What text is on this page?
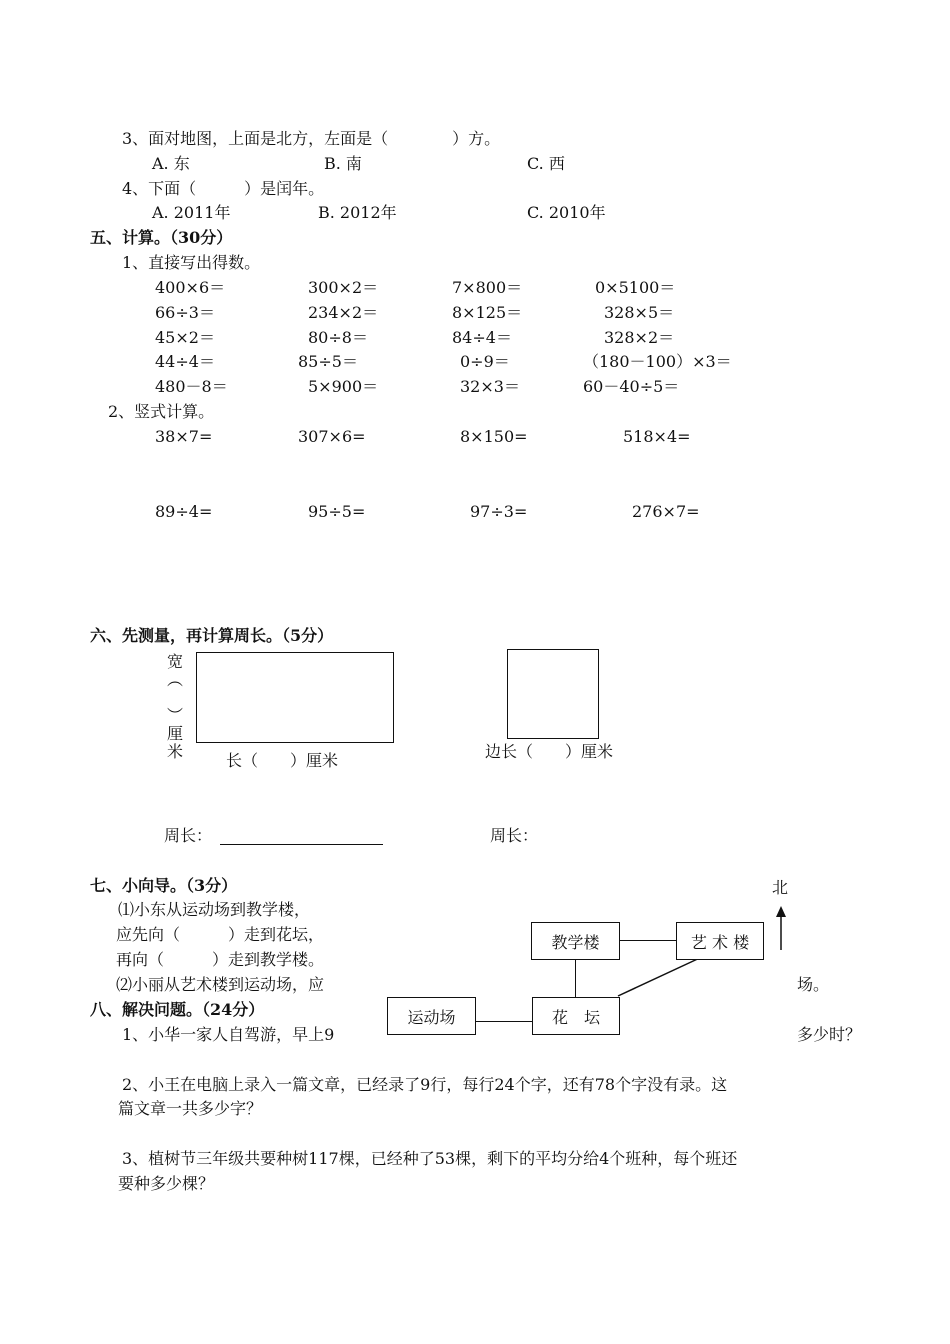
3、面对地图，上面是北方，左面是（　　　　）方。
A. 东	B. 南	C. 西
4、下面（　　　）是闰年。
A. 2011年	B. 2012年	C. 2010年
五、计算。（30分）
1、直接写出得数。
400×6＝	300×2＝	7×800＝	0×5100＝
66÷3＝	234×2＝	8×125＝	328×5＝
45×2＝	80÷8＝	84÷4＝	328×2＝
44÷4＝	85÷5＝	0÷9＝	（180－100）×3＝
480－8＝	5×900＝	32×3＝	60－40÷5＝
2、竖式计算。
38×7=	307×6=	8×150=	518×4=
89÷4=	95÷5=	97÷3=	276×7=
六、先测量，再计算周长。（5分）
宽
︵
︶
厘
米	长（　　）厘米	边长（　　）厘米
周长：	周长：
七、小向导。（3分）
⑴小东从运动场到教学楼，
应先向（　　　）走到花坛，
再向（　　　）走到教学楼。
⑵小丽从艺术楼到运动场，应	场。
八、解决问题。（24分）
1、小华一家人自驾游，早上9	多少时？
2、小王在电脑上录入一篇文章，已经录了9行，每行24个字，还有78个字没有录。这
篇文章一共多少字？
3、植树节三年级共要种树117棵，已经种了53棵，剩下的平均分给4个班种，每个班还
要种多少棵？
运动场	花　坛
教学楼	艺 术 楼
北
